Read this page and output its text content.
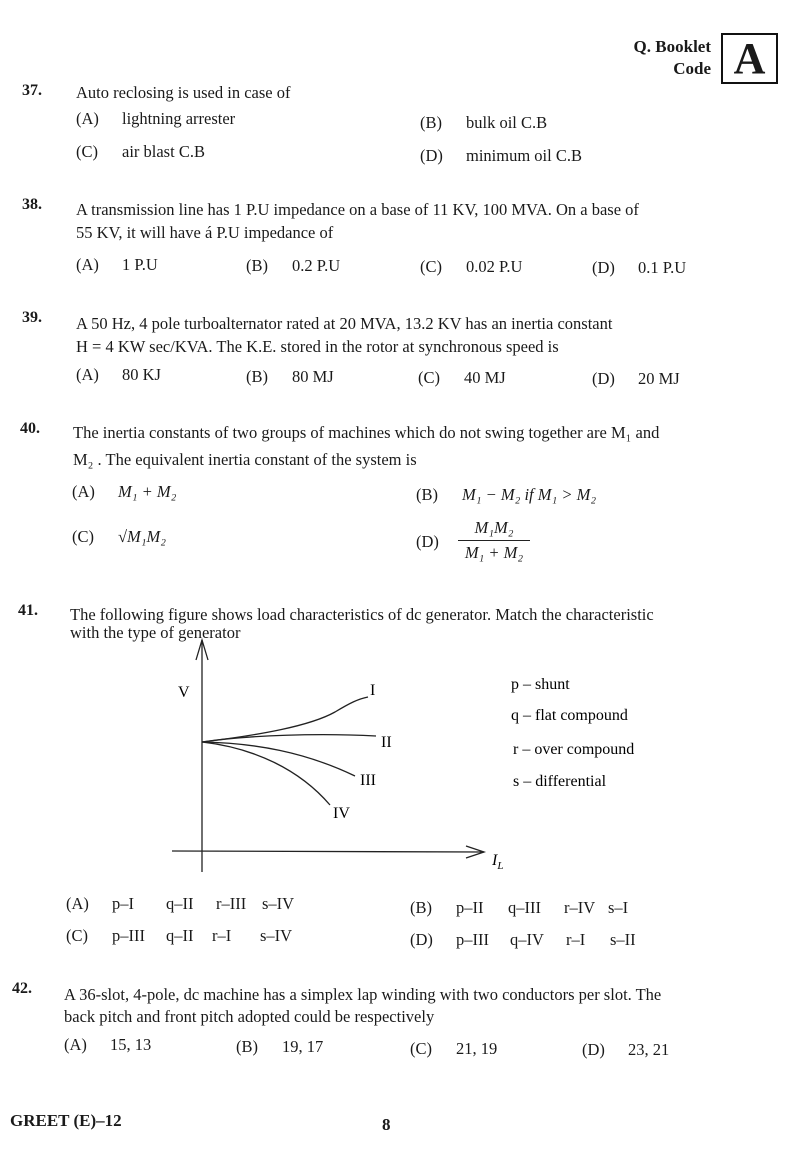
Q. Booklet
Code A
37. Auto reclosing is used in case of
(A) lightning arrester	(B) bulk oil C.B
(C) air blast C.B	(D) minimum oil C.B
38. A transmission line has 1 P.U impedance on a base of 11 KV, 100 MVA. On a base of
55 KV, it will have á P.U impedance of
(A) 1 P.U	(B) 0.2 P.U	(C) 0.02 P.U	(D) 0.1 P.U
39. A 50 Hz, 4 pole turboalternator rated at 20 MVA, 13.2 KV has an inertia constant
H = 4 KW sec/KVA. The K.E. stored in the rotor at synchronous speed is
(A) 80 KJ	(B) 80 MJ	(C) 40 MJ	(D) 20 MJ
40. The inertia constants of two groups of machines which do not swing together are M₁ and
M₂ . The equivalent inertia constant of the system is
(A) M₁ + M₂	(B) M₁ − M₂ if M₁ > M₂
(C) √M₁M₂	(D)	$\frac{\text{M₁M₂}}{\text{M₁ + M₂}}$
41. The following figure shows load characteristics of dc generator. Match the characteristic
with the type of generator
V
$I_L$
I
II
III
IV
p – shunt
q – flat compound
r – over compound
s – differential
(A) p–I q–II r–III s–IV	(B) p–II q–III r–IV s–I
(C) p–III q–II r–I s–IV	(D) p–III q–IV r–I s–II
42. A 36-slot, 4-pole, dc machine has a simplex lap winding with two conductors per slot. The
back pitch and front pitch adopted could be respectively
(A) 15, 13	(B) 19, 17	(C) 21, 19	(D) 23, 21
GREET (E)–12	8
